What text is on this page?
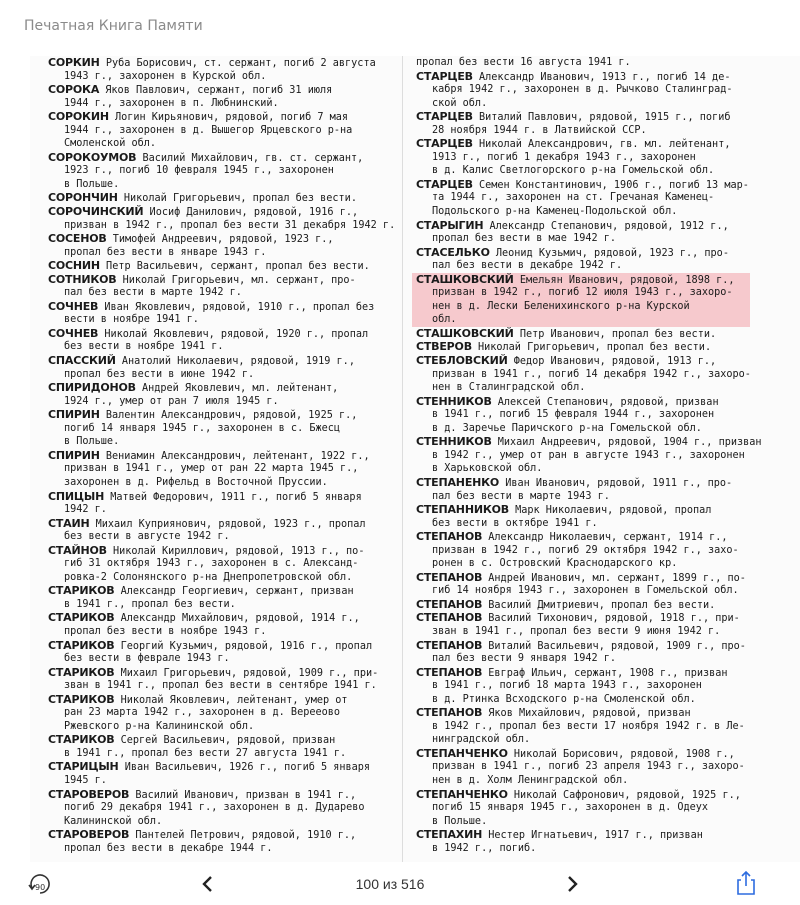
Печатная Книга Памяти
СОРКИН Руба Борисович, ст. сержант, погиб 2 августа
1943 г., захоронен в Курской обл.
СОРОКА Яков Павлович, сержант, погиб 31 июля
1944 г., захоронен в п. Любнинский.
СОРОКИН Логин Кирьянович, рядовой, погиб 7 мая
1944 г., захоронен в д. Вышегор Ярцевского р-на
Смоленской обл.
СОРОКОУМОВ Василий Михайлович, гв. ст. сержант,
1923 г., погиб 10 февраля 1945 г., захоронен
в Польше.
СОРОНЧИН Николай Григорьевич, пропал без вести.
СОРОЧИНСКИЙ Иосиф Данилович, рядовой, 1916 г.,
призван в 1942 г., пропал без вести 31 декабря 1942 г.
СОСЕНОВ Тимофей Андреевич, рядовой, 1923 г.,
пропал без вести в январе 1943 г.
СОСНИН Петр Васильевич, сержант, пропал без вести.
СОТНИКОВ Николай Григорьевич, мл. сержант, про-
пал без вести в марте 1942 г.
СОЧНЕВ Иван Яковлевич, рядовой, 1910 г., пропал без
вести в ноябре 1941 г.
СОЧНЕВ Николай Яковлевич, рядовой, 1920 г., пропал
без вести в ноябре 1941 г.
СПАССКИЙ Анатолий Николаевич, рядовой, 1919 г.,
пропал без вести в июне 1942 г.
СПИРИДОНОВ Андрей Яковлевич, мл. лейтенант,
1924 г., умер от ран 7 июля 1945 г.
СПИРИН Валентин Александрович, рядовой, 1925 г.,
погиб 14 января 1945 г., захоронен в с. Бжесц
в Польше.
СПИРИН Вениамин Александрович, лейтенант, 1922 г.,
призван в 1941 г., умер от ран 22 марта 1945 г.,
захоронен в д. Рифельд в Восточной Пруссии.
СПИЦЫН Матвей Федорович, 1911 г., погиб 5 января
1942 г.
СТАИН Михаил Куприянович, рядовой, 1923 г., пропал
без вести в августе 1942 г.
СТАЙНОВ Николай Кириллович, рядовой, 1913 г., по-
гиб 31 октября 1943 г., захоронен в с. Александ-
ровка-2 Солонянского р-на Днепропетровской обл.
СТАРИКОВ Александр Георгиевич, сержант, призван
в 1941 г., пропал без вести.
СТАРИКОВ Александр Михайлович, рядовой, 1914 г.,
пропал без вести в ноябре 1943 г.
СТАРИКОВ Георгий Кузьмич, рядовой, 1916 г., пропал
без вести в феврале 1943 г.
СТАРИКОВ Михаил Григорьевич, рядовой, 1909 г., при-
зван в 1941 г., пропал без вести в сентябре 1941 г.
СТАРИКОВ Николай Яковлевич, лейтенант, умер от
ран 23 марта 1942 г., захоронен в д. Верееово
Ржевского р-на Калининской обл.
СТАРИКОВ Сергей Васильевич, рядовой, призван
в 1941 г., пропал без вести 27 августа 1941 г.
СТАРИЦЫН Иван Васильевич, 1926 г., погиб 5 января
1945 г.
СТАРОВЕРОВ Василий Иванович, призван в 1941 г.,
погиб 29 декабря 1941 г., захоронен в д. Дударево
Калининской обл.
СТАРОВЕРОВ Пантелей Петрович, рядовой, 1910 г.,
пропал без вести в декабре 1944 г.
пропал без вести 16 августа 1941 г.
СТАРЦЕВ Александр Иванович, 1913 г., погиб 14 де-
кабря 1942 г., захоронен в д. Рычково Сталинград-
ской обл.
СТАРЦЕВ Виталий Павлович, рядовой, 1915 г., погиб
28 ноября 1944 г. в Латвийской ССР.
СТАРЦЕВ Николай Александрович, гв. мл. лейтенант,
1913 г., погиб 1 декабря 1943 г., захоронен
в д. Калис Светлогорского р-на Гомельской обл.
СТАРЦЕВ Семен Константинович, 1906 г., погиб 13 мар-
та 1944 г., захоронен на ст. Гречаная Каменец-
Подольского р-на Каменец-Подольской обл.
СТАРЫГИН Александр Степанович, рядовой, 1912 г.,
пропал без вести в мае 1942 г.
СТАСЕЛЬКО Леонид Кузьмич, рядовой, 1923 г., про-
пал без вести в декабре 1942 г.
СТАШКОВСКИЙ Емельян Иванович, рядовой, 1898 г.,
призван в 1942 г., погиб 12 июля 1943 г., захоро-
нен в д. Лески Белениxинского р-на Курской
обл.
СТАШКОВСКИЙ Петр Иванович, пропал без вести.
СТВЕРОВ Николай Григорьевич, пропал без вести.
СТЕБЛОВСКИЙ Федор Иванович, рядовой, 1913 г.,
призван в 1941 г., погиб 14 декабря 1942 г., захоро-
нен в Сталинградской обл.
СТЕННИКОВ Алексей Степанович, рядовой, призван
в 1941 г., погиб 15 февраля 1944 г., захоронен
в д. Заречье Паричского р-на Гомельской обл.
СТЕННИКОВ Михаил Андреевич, рядовой, 1904 г., призван
в 1942 г., умер от ран в августе 1943 г., захоронен
в Харьковской обл.
СТЕПАНЕНКО Иван Иванович, рядовой, 1911 г., про-
пал без вести в марте 1943 г.
СТЕПАННИКОВ Марк Николаевич, рядовой, пропал
без вести в октябре 1941 г.
СТЕПАНОВ Александр Николаевич, сержант, 1914 г.,
призван в 1942 г., погиб 29 октября 1942 г., захо-
ронен в с. Островский Краснодарского кр.
СТЕПАНОВ Андрей Иванович, мл. сержант, 1899 г., по-
гиб 14 ноября 1943 г., захоронен в Гомельской обл.
СТЕПАНОВ Василий Дмитриевич, пропал без вести.
СТЕПАНОВ Василий Тихонович, рядовой, 1918 г., при-
зван в 1941 г., пропал без вести 9 июня 1942 г.
СТЕПАНОВ Виталий Васильевич, рядовой, 1909 г., про-
пал без вести 9 января 1942 г.
СТЕПАНОВ Евграф Ильич, сержант, 1908 г., призван
в 1941 г., погиб 18 марта 1943 г., захоронен
в д. Ртинка Всходского р-на Смоленской обл.
СТЕПАНОВ Яков Михайлович, рядовой, призван
в 1942 г., пропал без вести 17 ноября 1942 г. в Ле-
нинградской обл.
СТЕПАНЧЕНКО Николай Борисович, рядовой, 1908 г.,
призван в 1941 г., погиб 23 апреля 1943 г., захоро-
нен в д. Холм Ленинградской обл.
СТЕПАНЧЕНКО Николай Сафронович, рядовой, 1925 г.,
погиб 15 января 1945 г., захоронен в д. Одеух
в Польше.
СТЕПАХИН Нестер Игнатьевич, 1917 г., призван
в 1942 г., погиб.
90	100 из 516
